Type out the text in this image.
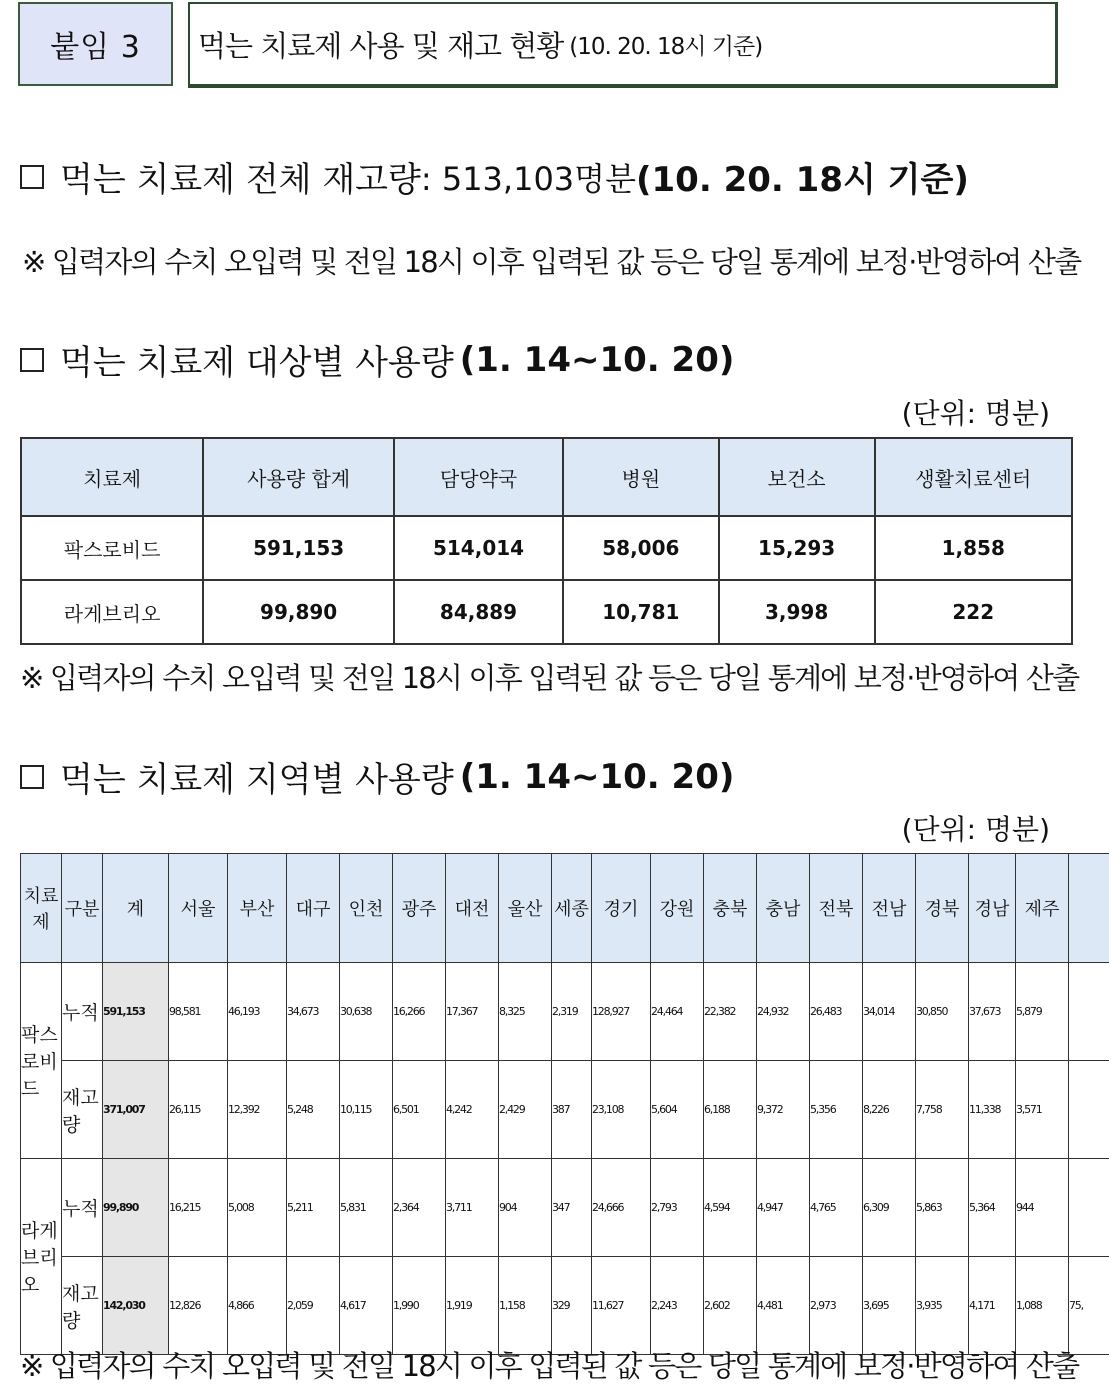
붙임 3	먹는 치료제 사용 및 재고 현황 (10. 20. 18시 기준)
먹는 치료제 전체 재고량 : 513,103명분 (10. 20. 18시 기준)
※ 입력자의 수치 오입력 및 전일 18시 이후 입력된 값 등은 당일 통계에 보정·반영하여 산출
먹는 치료제 대상별 사용량 (1. 14~10. 20)
(단위: 명분)
치료제	사용량 합계	담당약국	병원	보건소	생활치료센터
팍스로비드	591,153	514,014	58,006	15,293	1,858
라게브리오	99,890	84,889	10,781	3,998	222
※ 입력자의 수치 오입력 및 전일 18시 이후 입력된 값 등은 당일 통계에 보정·반영하여 산출
먹는 치료제 지역별 사용량 (1. 14~10. 20)
(단위: 명분)
치료제	구분	계	서울	부산	대구	인천	광주	대전	울산	세종	경기	강원	충북	충남	전북	전남	경북	경남	제주	
팍스로비드	누적	591,153	98,581	46,193	34,673	30,638	16,266	17,367	8,325	2,319	128,927	24,464	22,382	24,932	26,483	34,014	30,850	37,673	5,879	
	재고량	371,007	26,115	12,392	5,248	10,115	6,501	4,242	2,429	387	23,108	5,604	6,188	9,372	5,356	8,226	7,758	11,338	3,571	
라게브리오	누적	99,890	16,215	5,008	5,211	5,831	2,364	3,711	904	347	24,666	2,793	4,594	4,947	4,765	6,309	5,863	5,364	944	
	재고량	142,030	12,826	4,866	2,059	4,617	1,990	1,919	1,158	329	11,627	2,243	2,602	4,481	2,973	3,695	3,935	4,171	1,088	75,
※ 입력자의 수치 오입력 및 전일 18시 이후 입력된 값 등은 당일 통계에 보정·반영하여 산출
